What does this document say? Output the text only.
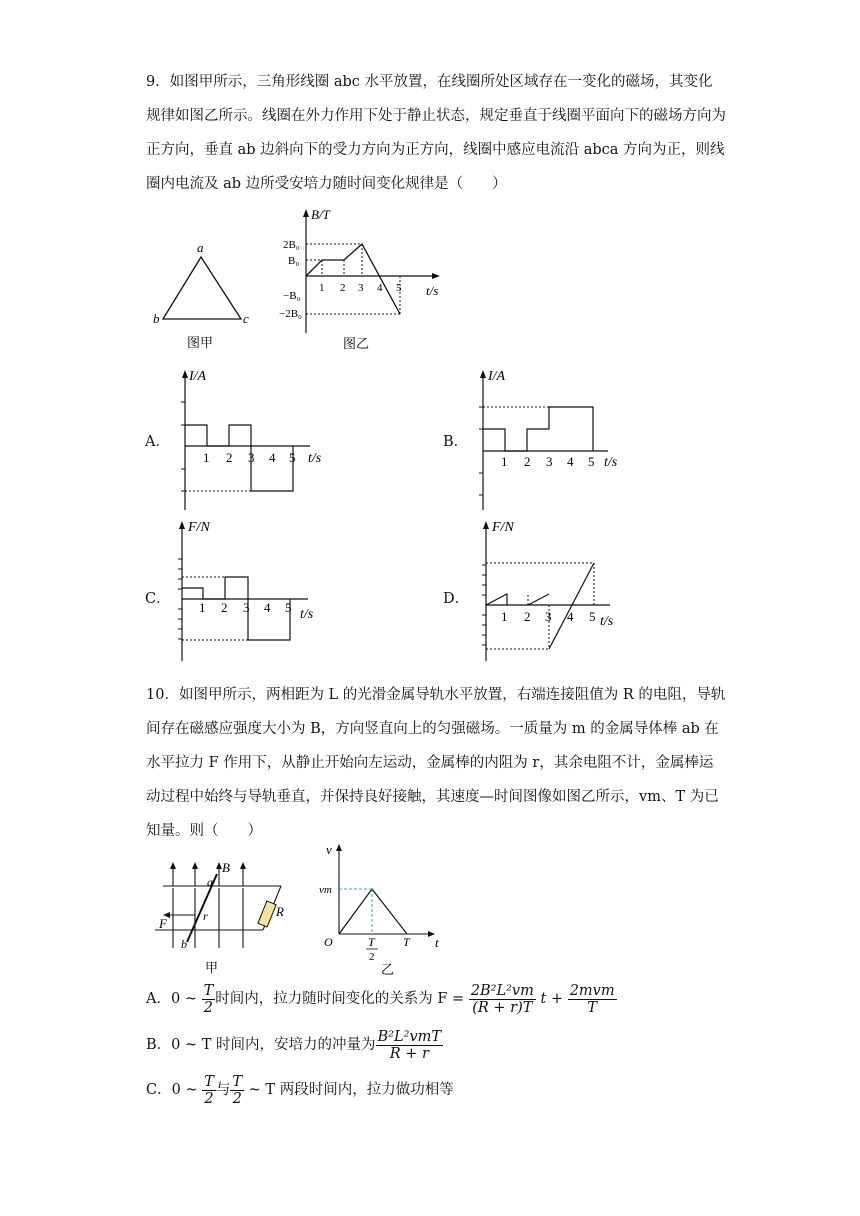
9．如图甲所示，三角形线圈 abc 水平放置，在线圈所处区域存在一变化的磁场，其变化规律如图乙所示。线圈在外力作用下处于静止状态，规定垂直于线圈平面向下的磁场方向为正方向，垂直 ab 边斜向下的受力方向为正方向，线圈中感应电流沿 abca 方向为正，则线圈内电流及 ab 边所受安培力随时间变化规律是（　　）
a
b	c
图甲
B/T
t/s
2B₀
B₀
−B₀
−2B₀
1 2 3 4 5
图乙
A．
I/A
t/s
1 2 3 4 5
B．
I/A
t/s
1 2 3 4 5
C．
F/N
t/s
1 2 3 4 5
D．
F/N
t/s
1 2 3 4 5
10．如图甲所示，两相距为 L 的光滑金属导轨水平放置，右端连接阻值为 R 的电阻，导轨间存在磁感应强度大小为 B，方向竖直向上的匀强磁场。一质量为 m 的金属导体棒 ab 在水平拉力 F 作用下，从静止开始向左运动，金属棒的内阻为 r，其余电阻不计，金属棒运动过程中始终与导轨垂直，并保持良好接触，其速度—时间图像如图乙所示，vm、T 为已知量。则（　　）
B
a
b
F	r	R
甲
v
t
vm
O	T
2
T
乙
A．0 ~ $\frac{T}{2}$ 时间内，拉力随时间变化的关系为 $F = \frac{\text{2B²L²vm}}{(R + r)T}$ $t + \frac{\text{2mvm}}{T}$
B．0 ~ T 时间内，安培力的冲量为 $\frac{\text{B²L²vmT}}{R + r}$
C．0 ~ $\frac{T}{2}$ 与 $\frac{T}{2}$ ~ T 两段时间内，拉力做功相等
